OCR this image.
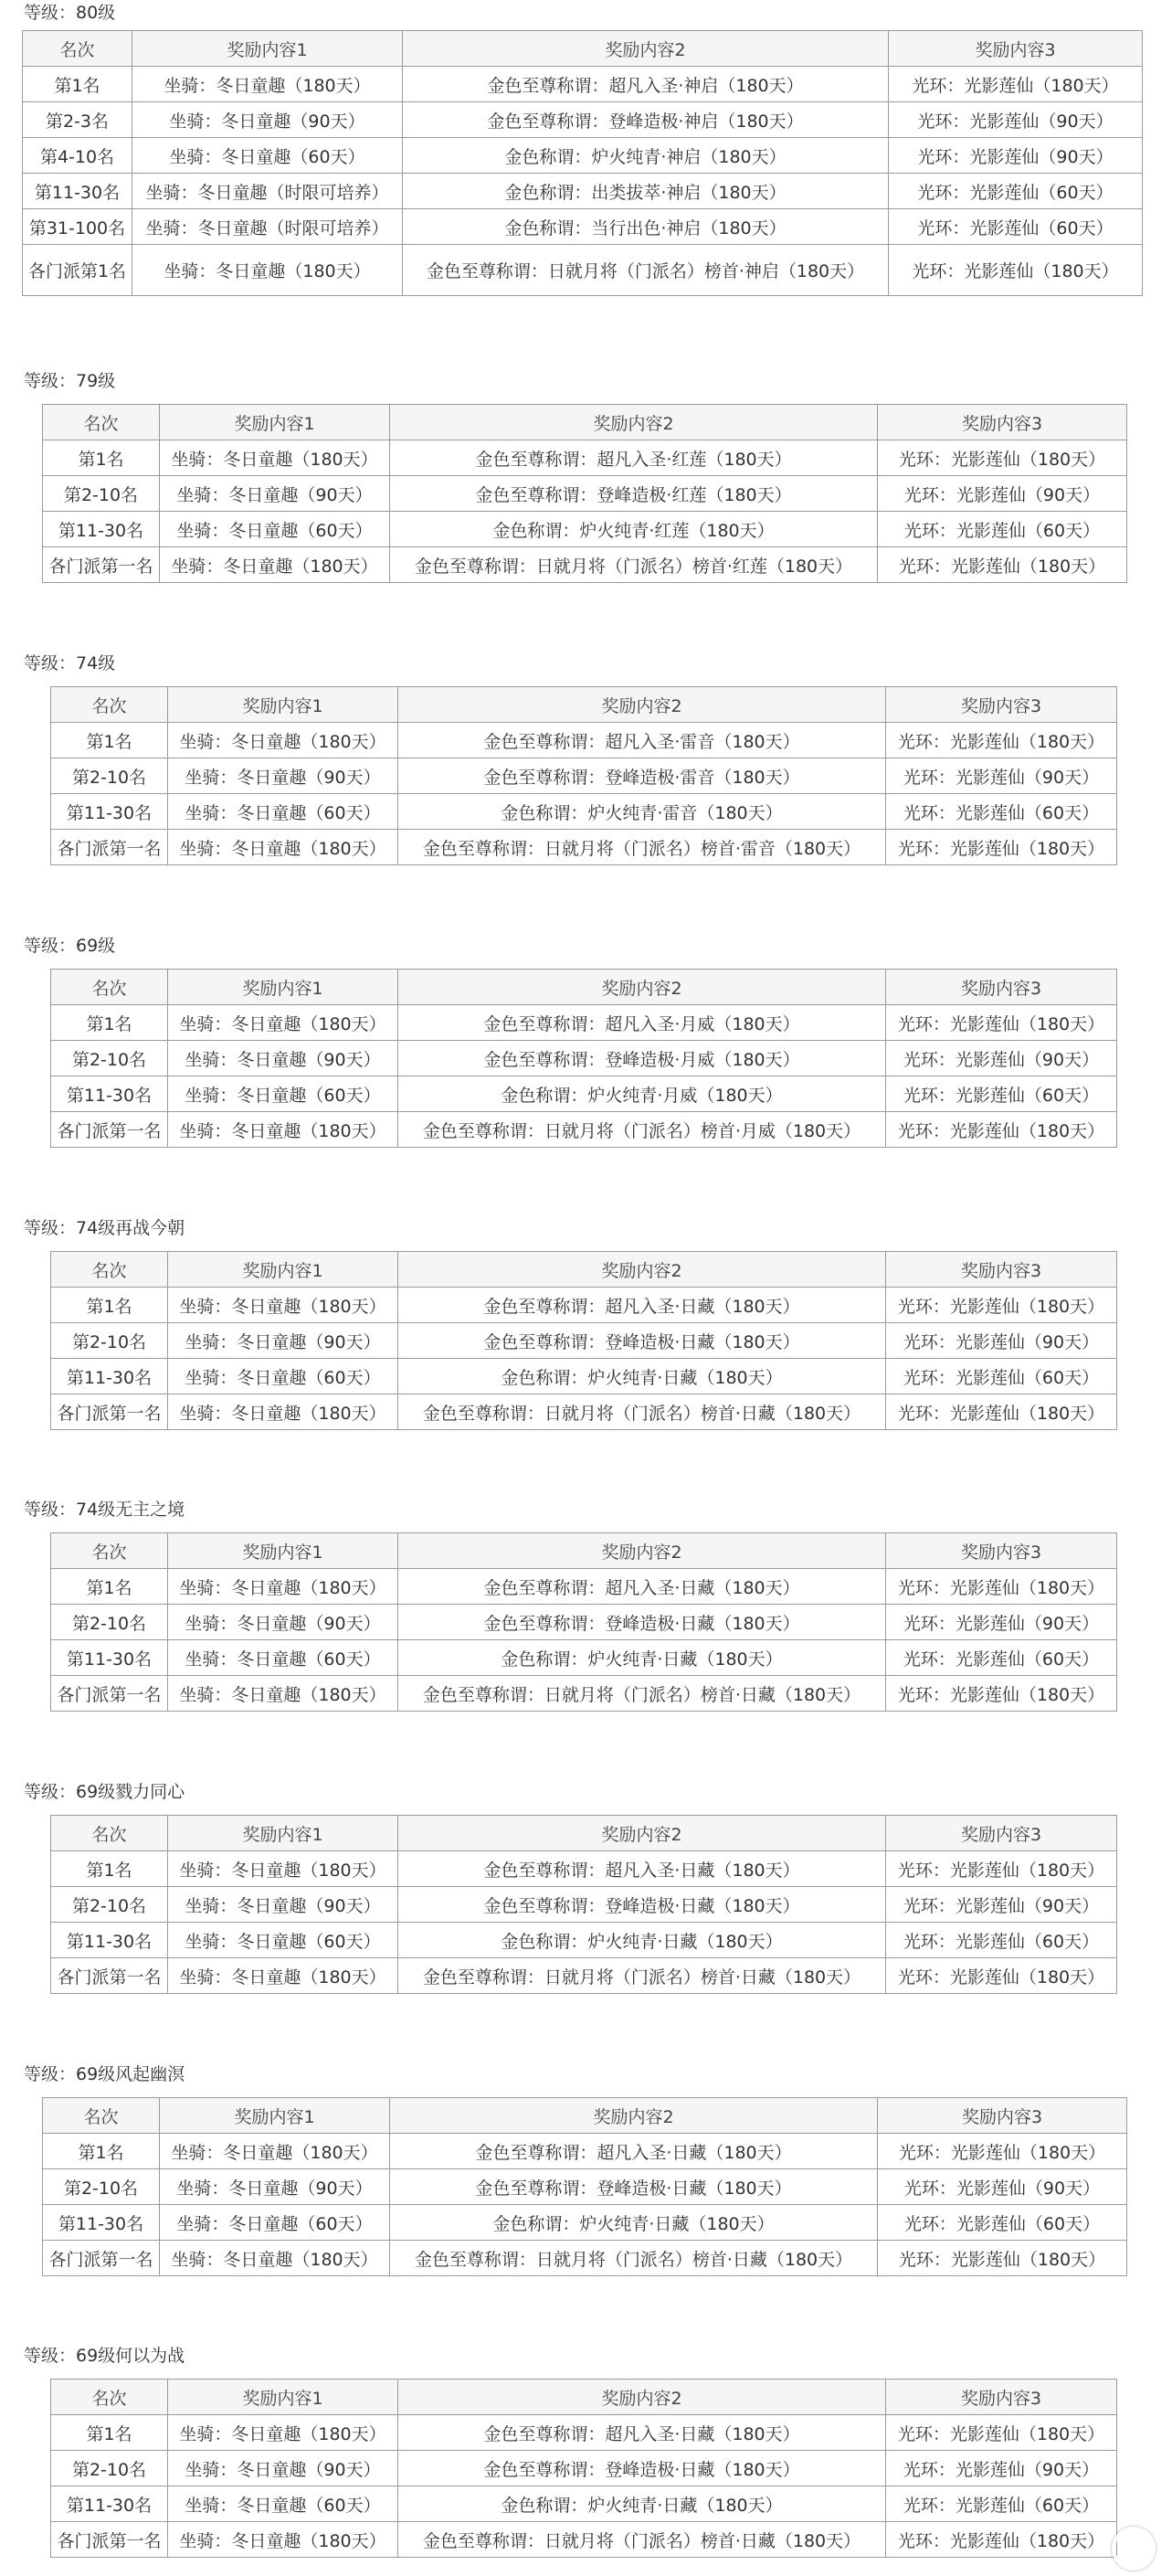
等级：80级
名次	奖励内容1	奖励内容2	奖励内容3
第1名	坐骑：冬日童趣（180天）	金色至尊称谓：超凡入圣·神启（180天）	光环：光影莲仙（180天）
第2-3名	坐骑：冬日童趣（90天）	金色至尊称谓：登峰造极·神启（180天）	光环：光影莲仙（90天）
第4-10名	坐骑：冬日童趣（60天）	金色称谓：炉火纯青·神启（180天）	光环：光影莲仙（90天）
第11-30名	坐骑：冬日童趣（时限可培养）	金色称谓：出类拔萃·神启（180天）	光环：光影莲仙（60天）
第31-100名	坐骑：冬日童趣（时限可培养）	金色称谓：当行出色·神启（180天）	光环：光影莲仙（60天）
各门派第1名	坐骑：冬日童趣（180天）	金色至尊称谓：日就月将（门派名）榜首·神启（180天）	光环：光影莲仙（180天）
等级：79级
名次	奖励内容1	奖励内容2	奖励内容3
第1名	坐骑：冬日童趣（180天）	金色至尊称谓：超凡入圣·红莲（180天）	光环：光影莲仙（180天）
第2-10名	坐骑：冬日童趣（90天）	金色至尊称谓：登峰造极·红莲（180天）	光环：光影莲仙（90天）
第11-30名	坐骑：冬日童趣（60天）	金色称谓：炉火纯青·红莲（180天）	光环：光影莲仙（60天）
各门派第一名	坐骑：冬日童趣（180天）	金色至尊称谓：日就月将（门派名）榜首·红莲（180天）	光环：光影莲仙（180天）
等级：74级
名次	奖励内容1	奖励内容2	奖励内容3
第1名	坐骑：冬日童趣（180天）	金色至尊称谓：超凡入圣·雷音（180天）	光环：光影莲仙（180天）
第2-10名	坐骑：冬日童趣（90天）	金色至尊称谓：登峰造极·雷音（180天）	光环：光影莲仙（90天）
第11-30名	坐骑：冬日童趣（60天）	金色称谓：炉火纯青·雷音（180天）	光环：光影莲仙（60天）
各门派第一名	坐骑：冬日童趣（180天）	金色至尊称谓：日就月将（门派名）榜首·雷音（180天）	光环：光影莲仙（180天）
等级：69级
名次	奖励内容1	奖励内容2	奖励内容3
第1名	坐骑：冬日童趣（180天）	金色至尊称谓：超凡入圣·月威（180天）	光环：光影莲仙（180天）
第2-10名	坐骑：冬日童趣（90天）	金色至尊称谓：登峰造极·月威（180天）	光环：光影莲仙（90天）
第11-30名	坐骑：冬日童趣（60天）	金色称谓：炉火纯青·月威（180天）	光环：光影莲仙（60天）
各门派第一名	坐骑：冬日童趣（180天）	金色至尊称谓：日就月将（门派名）榜首·月威（180天）	光环：光影莲仙（180天）
等级：74级再战今朝
名次	奖励内容1	奖励内容2	奖励内容3
第1名	坐骑：冬日童趣（180天）	金色至尊称谓：超凡入圣·日藏（180天）	光环：光影莲仙（180天）
第2-10名	坐骑：冬日童趣（90天）	金色至尊称谓：登峰造极·日藏（180天）	光环：光影莲仙（90天）
第11-30名	坐骑：冬日童趣（60天）	金色称谓：炉火纯青·日藏（180天）	光环：光影莲仙（60天）
各门派第一名	坐骑：冬日童趣（180天）	金色至尊称谓：日就月将（门派名）榜首·日藏（180天）	光环：光影莲仙（180天）
等级：74级无主之境
名次	奖励内容1	奖励内容2	奖励内容3
第1名	坐骑：冬日童趣（180天）	金色至尊称谓：超凡入圣·日藏（180天）	光环：光影莲仙（180天）
第2-10名	坐骑：冬日童趣（90天）	金色至尊称谓：登峰造极·日藏（180天）	光环：光影莲仙（90天）
第11-30名	坐骑：冬日童趣（60天）	金色称谓：炉火纯青·日藏（180天）	光环：光影莲仙（60天）
各门派第一名	坐骑：冬日童趣（180天）	金色至尊称谓：日就月将（门派名）榜首·日藏（180天）	光环：光影莲仙（180天）
等级：69级戮力同心
名次	奖励内容1	奖励内容2	奖励内容3
第1名	坐骑：冬日童趣（180天）	金色至尊称谓：超凡入圣·日藏（180天）	光环：光影莲仙（180天）
第2-10名	坐骑：冬日童趣（90天）	金色至尊称谓：登峰造极·日藏（180天）	光环：光影莲仙（90天）
第11-30名	坐骑：冬日童趣（60天）	金色称谓：炉火纯青·日藏（180天）	光环：光影莲仙（60天）
各门派第一名	坐骑：冬日童趣（180天）	金色至尊称谓：日就月将（门派名）榜首·日藏（180天）	光环：光影莲仙（180天）
等级：69级风起幽溟
名次	奖励内容1	奖励内容2	奖励内容3
第1名	坐骑：冬日童趣（180天）	金色至尊称谓：超凡入圣·日藏（180天）	光环：光影莲仙（180天）
第2-10名	坐骑：冬日童趣（90天）	金色至尊称谓：登峰造极·日藏（180天）	光环：光影莲仙（90天）
第11-30名	坐骑：冬日童趣（60天）	金色称谓：炉火纯青·日藏（180天）	光环：光影莲仙（60天）
各门派第一名	坐骑：冬日童趣（180天）	金色至尊称谓：日就月将（门派名）榜首·日藏（180天）	光环：光影莲仙（180天）
等级：69级何以为战
名次	奖励内容1	奖励内容2	奖励内容3
第1名	坐骑：冬日童趣（180天）	金色至尊称谓：超凡入圣·日藏（180天）	光环：光影莲仙（180天）
第2-10名	坐骑：冬日童趣（90天）	金色至尊称谓：登峰造极·日藏（180天）	光环：光影莲仙（90天）
第11-30名	坐骑：冬日童趣（60天）	金色称谓：炉火纯青·日藏（180天）	光环：光影莲仙（60天）
各门派第一名	坐骑：冬日童趣（180天）	金色至尊称谓：日就月将（门派名）榜首·日藏（180天）	光环：光影莲仙（180天）
